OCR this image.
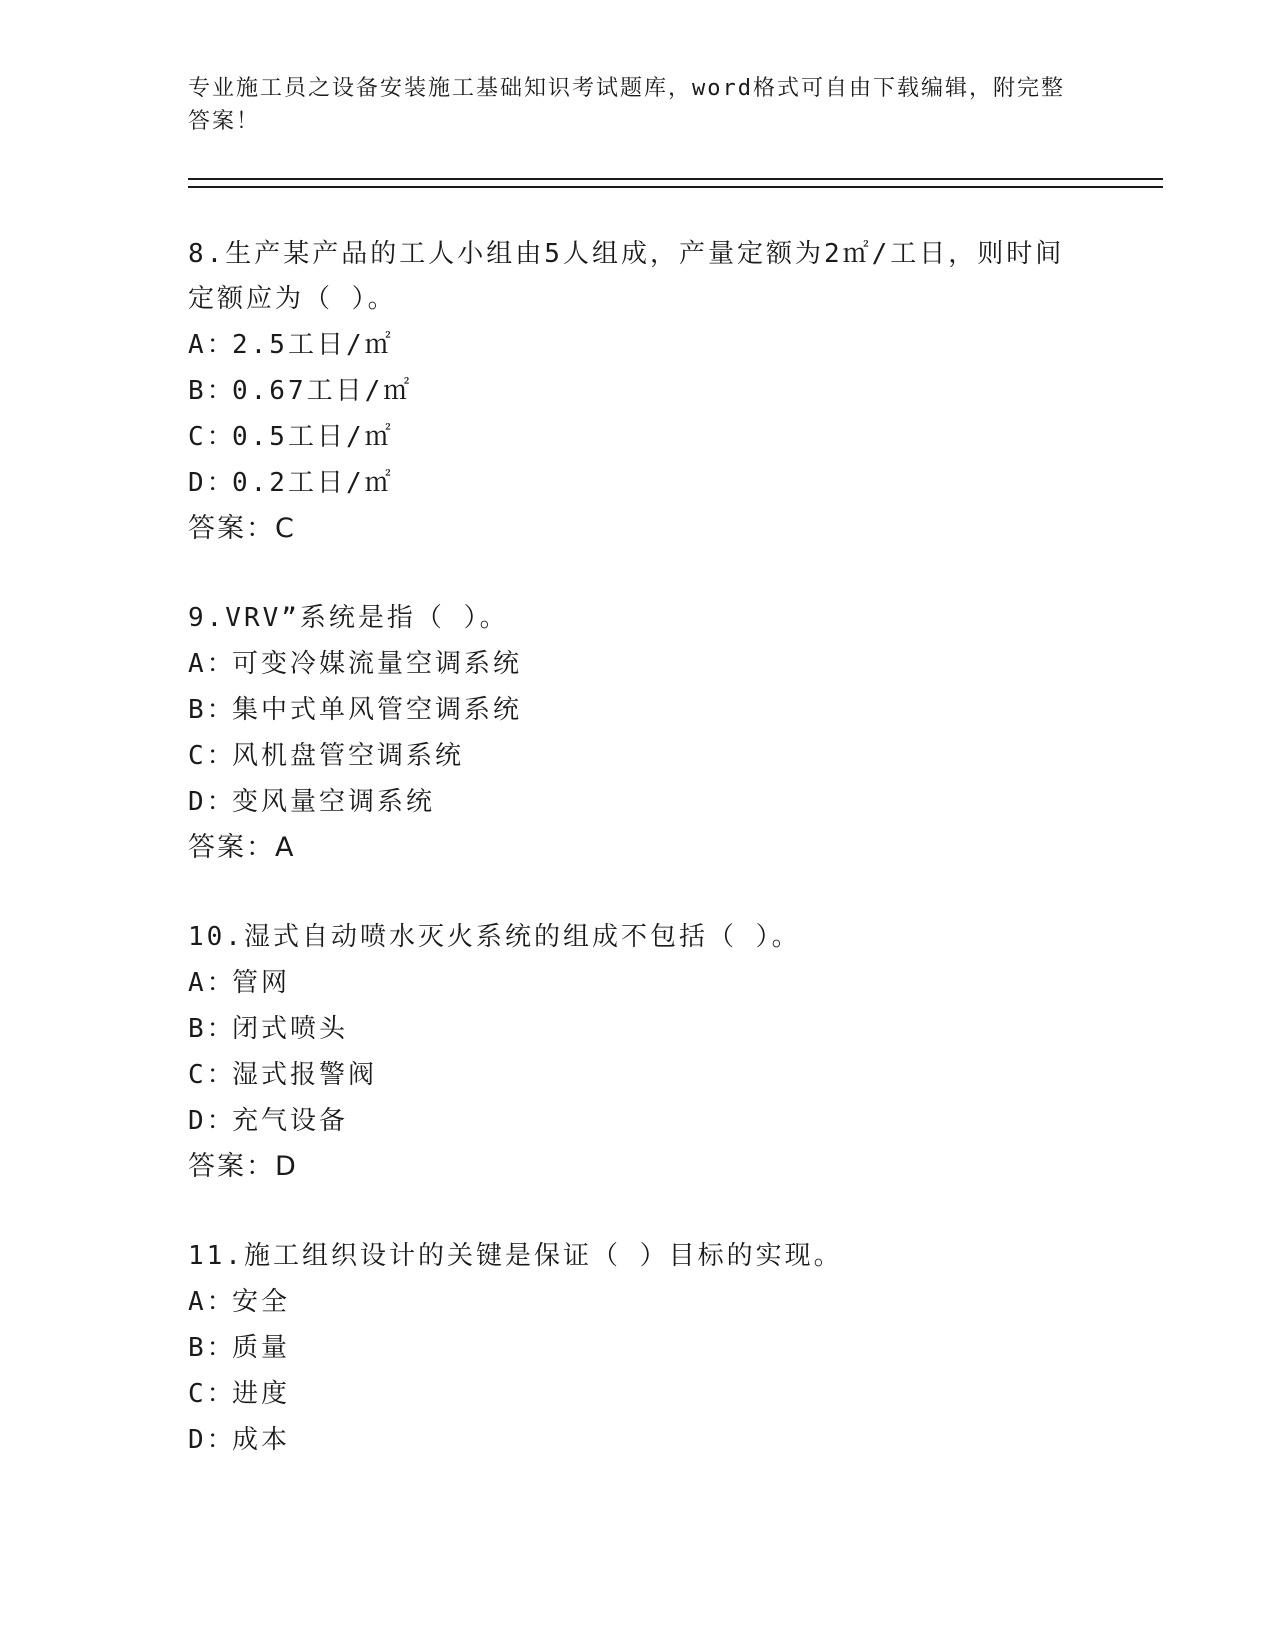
专业施工员之设备安装施工基础知识考试题库，word格式可自由下载编辑，附完整答案！

8.生产某产品的工人小组由5人组成，产量定额为2㎡/工日，则时间定额应为（ ）。

A：2.5工日/㎡

B：0.67工日/㎡

C：0.5工日/㎡

D：0.2工日/㎡

答案：C

9.VRV”系统是指（ ）。

A：可变冷媒流量空调系统

B：集中式单风管空调系统

C：风机盘管空调系统

D：变风量空调系统

答案：A

10.湿式自动喷水灭火系统的组成不包括（ ）。

A：管网

B：闭式喷头

C：湿式报警阀

D：充气设备

答案：D

11.施工组织设计的关键是保证（ ）目标的实现。

A：安全

B：质量

C：进度

D：成本
